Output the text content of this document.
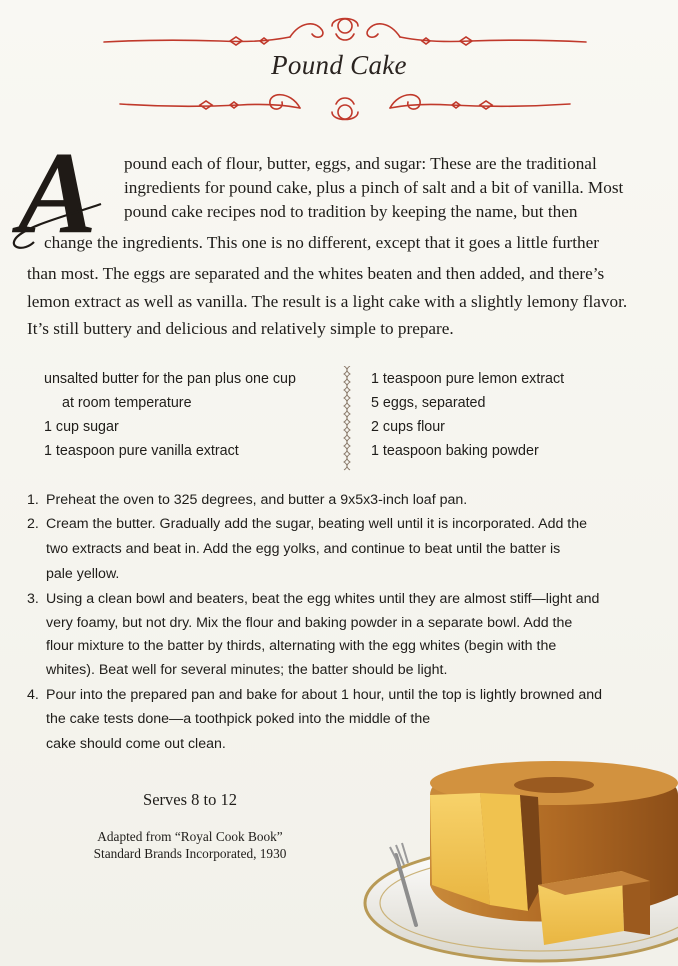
Pound Cake
A	pound each of flour, butter, eggs, and sugar: These are the traditional
ingredients for pound cake, plus a pinch of salt and a bit of vanilla. Most
pound cake recipes nod to tradition by keeping the name, but then
change the ingredients. This one is no different, except that it goes a little further
than most. The eggs are separated and the whites beaten and then added, and there’s
lemon extract as well as vanilla. The result is a light cake with a slightly lemony flavor.
It’s still buttery and delicious and relatively simple to prepare.
unsalted butter for the pan plus one cup
at room temperature
1 cup sugar
1 teaspoon pure vanilla extract
1 teaspoon pure lemon extract
5 eggs, separated
2 cups flour
1 teaspoon baking powder
1. Preheat the oven to 325 degrees, and butter a 9x5x3-inch loaf pan.
2. Cream the butter. Gradually add the sugar, beating well until it is incorporated. Add the
two extracts and beat in. Add the egg yolks, and continue to beat until the batter is
pale yellow.
3. Using a clean bowl and beaters, beat the egg whites until they are almost stiff—light and
very foamy, but not dry. Mix the flour and baking powder in a separate bowl. Add the
flour mixture to the batter by thirds, alternating with the egg whites (begin with the
whites). Beat well for several minutes; the batter should be light.
4. Pour into the prepared pan and bake for about 1 hour, until the top is lightly browned and
the cake tests done—a toothpick poked into the middle of the
cake should come out clean.
Serves 8 to 12
Adapted from “Royal Cook Book”
Standard Brands Incorporated, 1930
